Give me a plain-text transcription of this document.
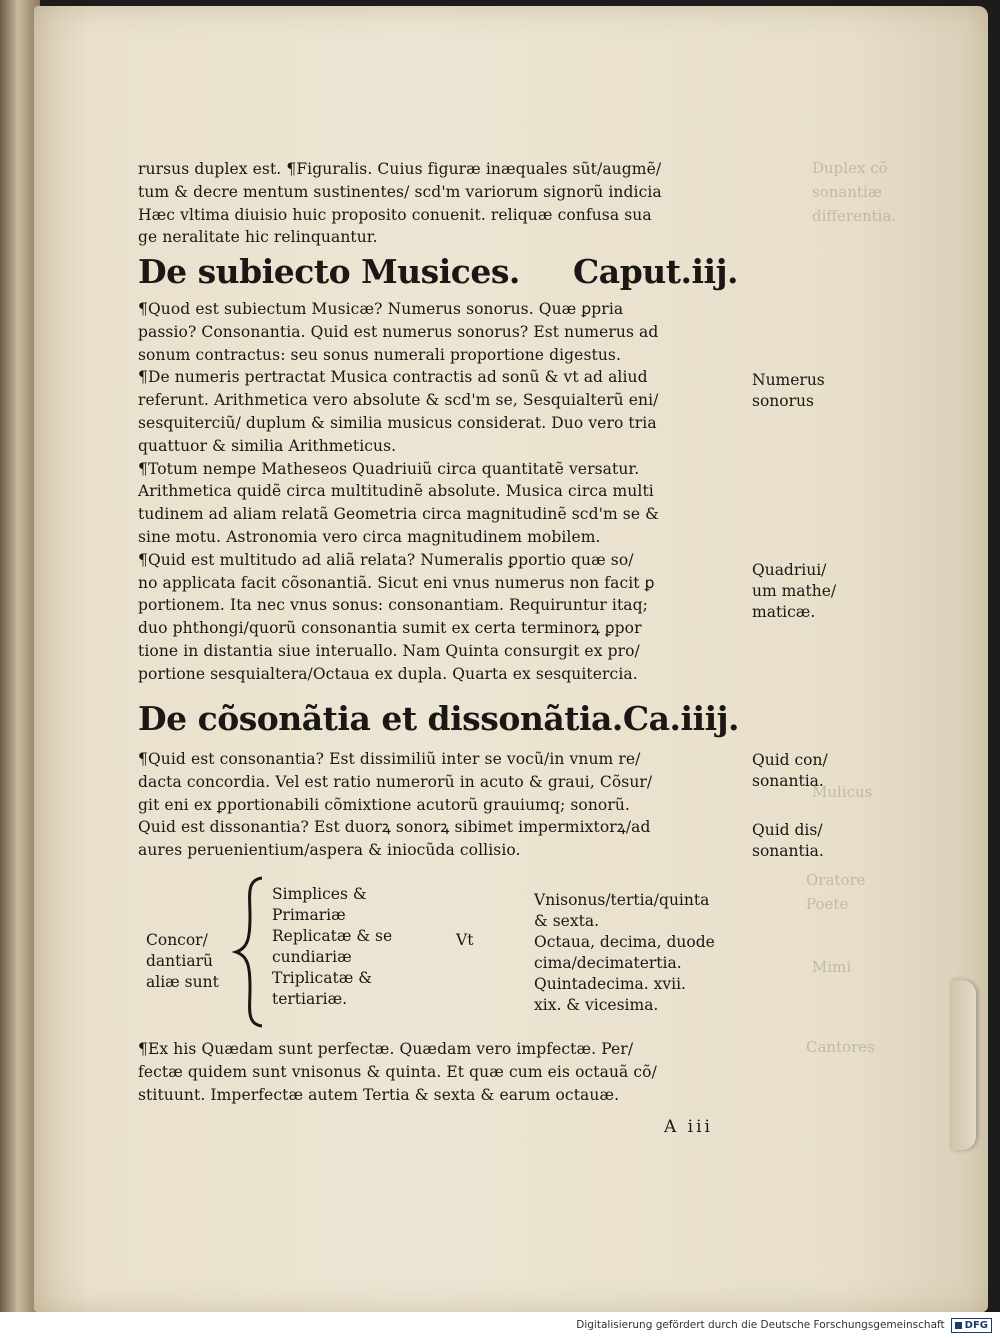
Duplex cõ
sonantiæ
differentia.
Mulicus
Oratore
Poete
Mimi
Cantores
rursus duplex est. ¶Figuralis. Cuius figuræ inæquales sũt/augmẽ/
tum & decre mentum sustinentes/ scd'm variorum signorũ indicia
Hæc vltima diuisio huic proposito conuenit. reliquæ confusa sua
ge neralitate hic relinquantur.
De subiecto Musices. Caput.iij.
¶Quod est subiectum Musicæ? Numerus sonorus. Quæ ꝑpria
passio? Consonantia. Quid est numerus sonorus? Est numerus ad
sonum contractus: seu sonus numerali proportione digestus.
¶De numeris pertractat Musica contractis ad sonũ & vt ad aliud
referunt. Arithmetica vero absolute & scd'm se, Sesquialterũ eni/
sesquiterciũ/ duplum & similia musicus considerat. Duo vero tria
quattuor & similia Arithmeticus.
¶Totum nempe Matheseos Quadriuiũ circa quantitatẽ versatur.
Arithmetica quidẽ circa multitudinẽ absolute. Musica circa multi
tudinem ad aliam relatã Geometria circa magnitudinẽ scd'm se &
sine motu. Astronomia vero circa magnitudinem mobilem.
¶Quid est multitudo ad aliã relata? Numeralis ꝑportio quæ so/
no applicata facit cõsonantiã. Sicut eni vnus numerus non facit ꝑ
portionem. Ita nec vnus sonus: consonantiam. Requiruntur itaq;
duo phthongi/quorũ consonantia sumit ex certa terminorꝝ ꝑpor
tione in distantia siue interuallo. Nam Quinta consurgit ex pro/
portione sesquialtera/Octaua ex dupla. Quarta ex sesquitercia.
De cõsonãtia et dissonãtia. Ca.iiij.
¶Quid est consonantia? Est dissimiliũ inter se vocũ/in vnum re/
dacta concordia. Vel est ratio numerorũ in acuto & graui, Cõsur/
git eni ex ꝑportionabili cõmixtione acutorũ grauiumq; sonorũ.
Quid est dissonantia? Est duorꝝ sonorꝝ sibimet impermixtorꝝ/ad
aures peruenientium/aspera & iniocũda collisio.
Concor/
dantiarũ
aliæ sunt
Simplices &
Primariæ
Replicatæ & se
cundiariæ
Triplicatæ &
tertiariæ.
Vt
Vnisonus/tertia/quinta
& sexta.
Octaua, decima, duode
cima/decimatertia.
Quintadecima. xvii.
xix. & vicesima.
¶Ex his Quædam sunt perfectæ. Quædam vero impfectæ. Per/
fectæ quidem sunt vnisonus & quinta. Et quæ cum eis octauã cõ/
stituunt. Imperfectæ autem Tertia & sexta & earum octauæ.
A iii
Numerus
sonorus
Quadriui/
um mathe/
maticæ.
Quid con/
sonantia.
Quid dis/
sonantia.
Digitalisierung gefördert durch die Deutsche Forschungsgemeinschaft DFG
